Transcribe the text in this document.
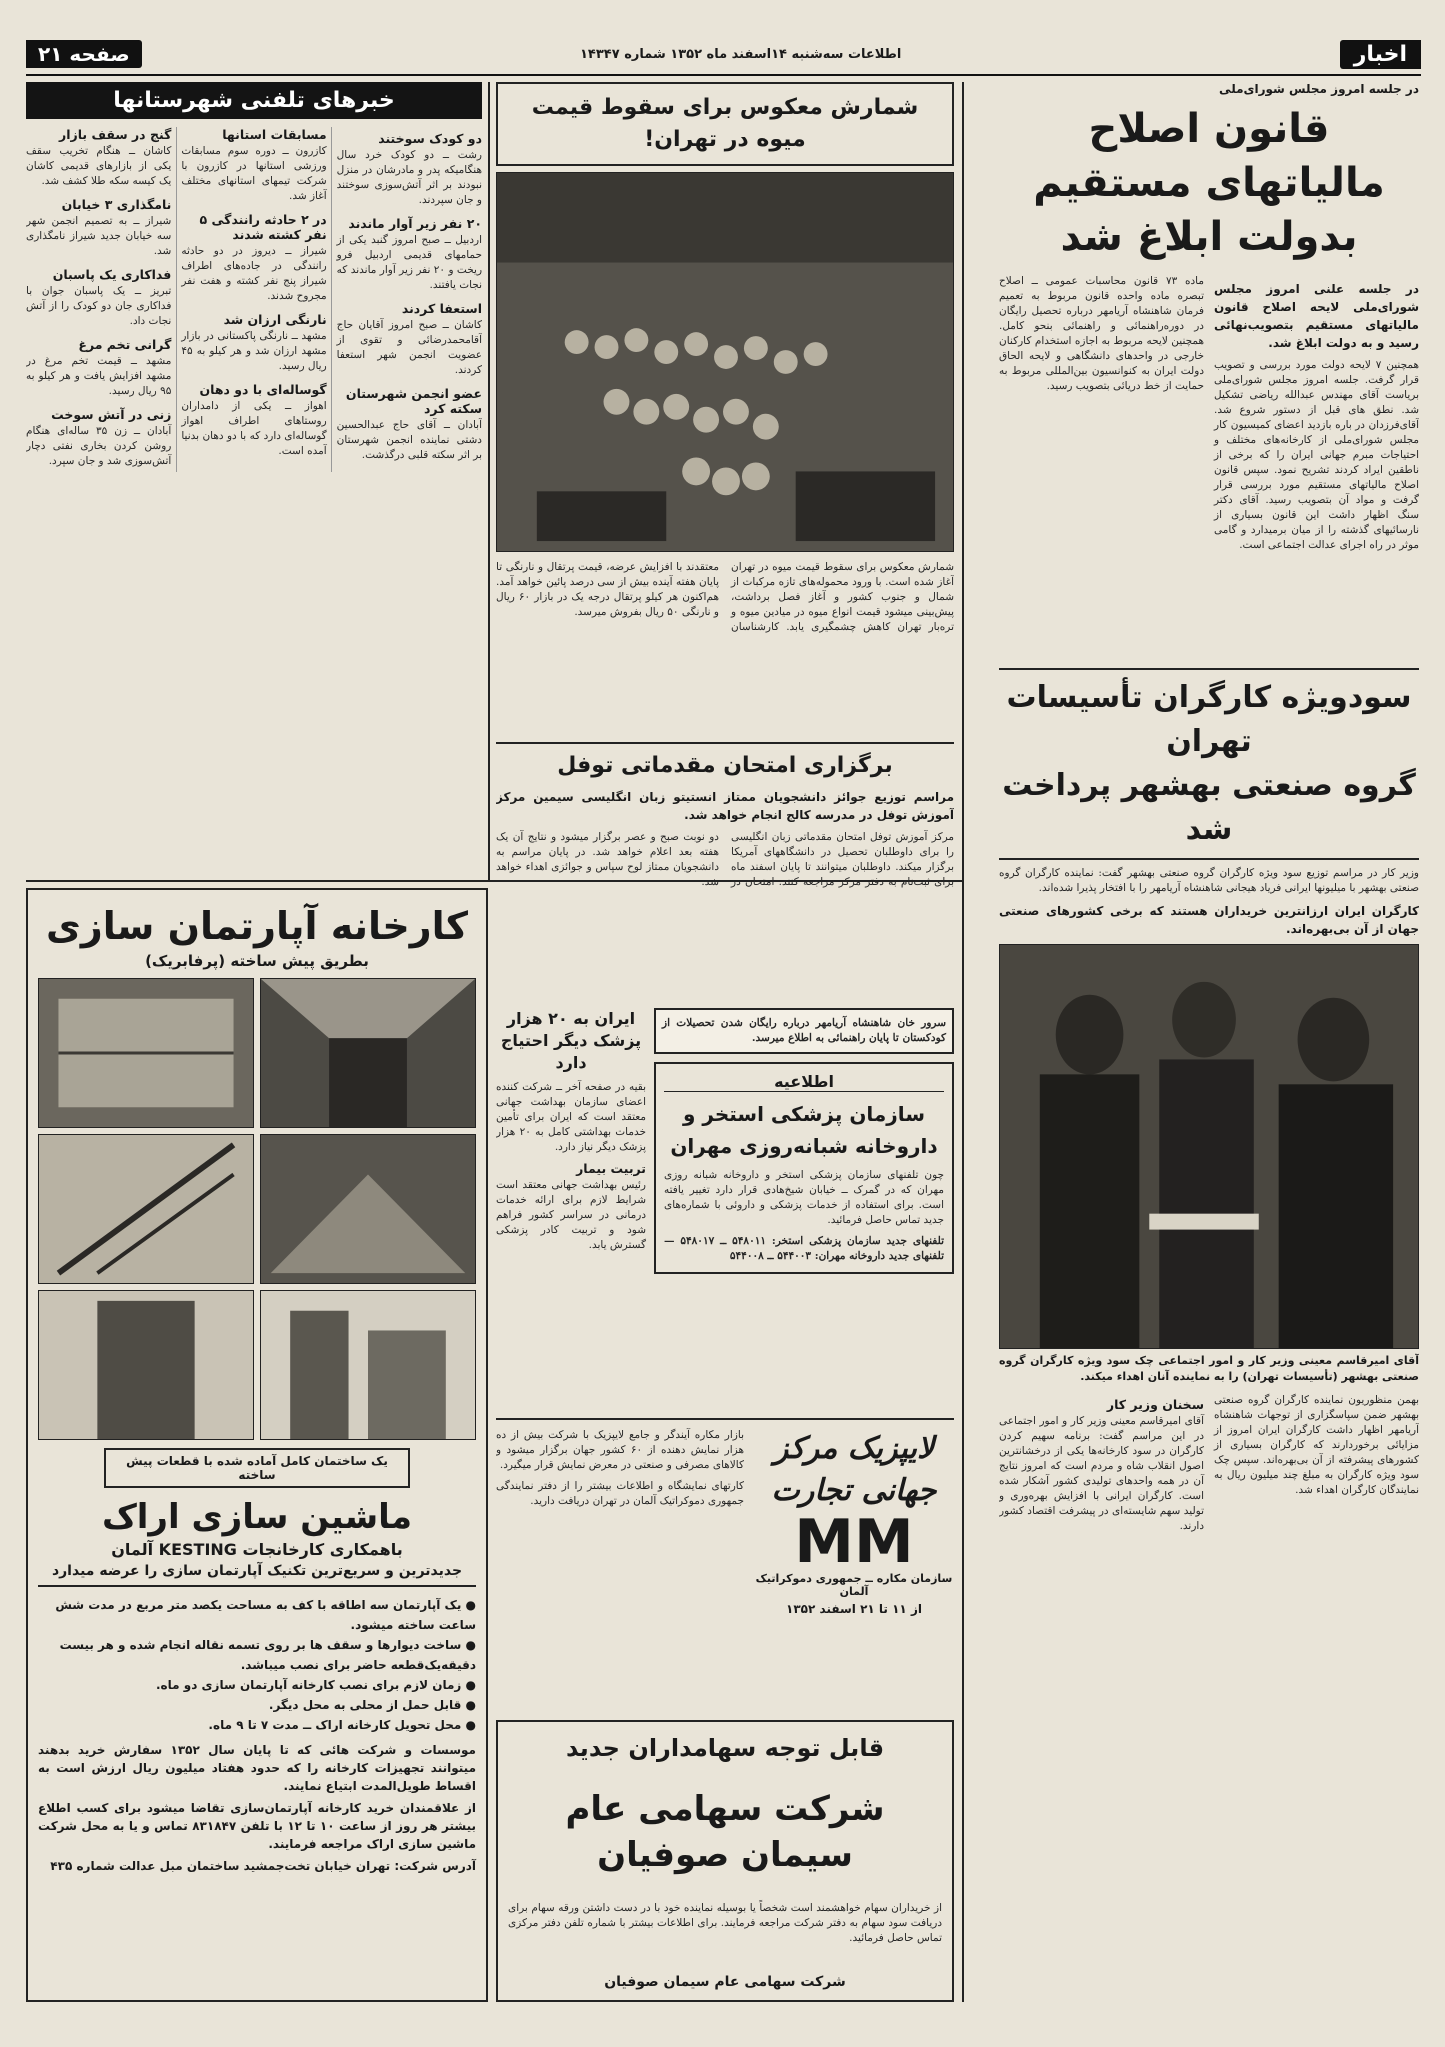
اخبار
اطلاعات سه‌شنبه ۱۴اسفند ماه ۱۳۵۲ شماره ۱۴۳۴۷
صفحه ۲۱
در جلسه امروز مجلس شورای‌ملی
قانون اصلاح مالیاتهای مستقیم بدولت ابلاغ شد
در جلسه علنی امروز مجلس شورای‌ملی لایحه اصلاح قانون مالیاتهای مستقیم بتصویب‌نهائی رسید و به دولت ابلاغ شد.

همچنین ۷ لایحه دولت مورد بررسی و تصویب قرار گرفت. جلسه امروز مجلس شورای‌ملی بریاست آقای مهندس عبدالله ریاضی تشکیل شد. نطق های قبل از دستور شروع شد. آقای‌فرزدان در باره بازدید اعضای کمیسیون کار مجلس شورای‌ملی از کارخانه‌های مختلف و احتیاجات مبرم جهانی ایران را که برخی از ناطقین ایراد کردند تشریح نمود. سپس قانون اصلاح مالیاتهای مستقیم مورد بررسی قرار گرفت و مواد آن بتصویب رسید. آقای دکتر سنگ اظهار داشت این قانون بسیاری از نارسائیهای گذشته را از میان برمیدارد و گامی موثر در راه اجرای عدالت اجتماعی است.

ماده ۷۳ قانون محاسبات عمومی ــ اصلاح تبصره ماده واحده قانون مربوط به تعمیم فرمان شاهنشاه آریامهر درباره تحصیل رایگان در دوره‌راهنمائی و راهنمائی بنحو کامل. همچنین لایحه مربوط به اجازه استخدام کارکنان خارجی در واحدهای دانشگاهی و لایحه الحاق دولت ایران به کنوانسیون بین‌المللی مربوط به حمایت از خط دریائی بتصویب رسید.

سودویژه کارگران تأسیسات تهران
گروه صنعتی بهشهر پرداخت شد

وزیر کار در مراسم توزیع سود ویژه کارگران گروه صنعتی بهشهر گفت: نماینده کارگران گروه صنعتی بهشهر با میلیونها ایرانی فریاد هیجانی شاهنشاه آریامهر را با افتخار پذیرا شده‌اند.

کارگران ایران ارزانترین‌ خریداران هستند که برخی کشورهای صنعتی جهان از آن بی‌بهره‌اند.
آقای امیرقاسم معینی وزیر کار و امور اجتماعی چک سود ویژه کارگران گروه صنعتی بهشهر (تأسیسات تهران) را به نماینده آنان اهداء میکند.

بهمن منظوریون نماینده کارگران گروه صنعتی بهشهر ضمن سپاسگزاری از توجهات شاهنشاه آریامهر اظهار داشت کارگران ایران امروز از مزایائی برخوردارند که کارگران بسیاری از کشورهای پیشرفته از آن بی‌بهره‌اند. سپس چک سود ویژه کارگران به مبلغ چند میلیون ریال به نمایندگان کارگران اهداء شد.

سخنان وزیر کار

آقای امیرقاسم معینی وزیر کار و امور اجتماعی در این مراسم گفت: برنامه سهیم کردن کارگران در سود کارخانه‌ها یکی از درخشانترین اصول انقلاب شاه و مردم است که امروز نتایج آن در همه واحدهای تولیدی کشور آشکار شده است. کارگران ایرانی با افزایش بهره‌وری و تولید سهم شایسته‌ای در پیشرفت اقتصاد کشور دارند.

شمارش معکوس برای سقوط قیمت میوه در تهران!

شمارش معکوس برای سقوط قیمت میوه در تهران آغاز شده است. با ورود محموله‌های تازه مرکبات از شمال و جنوب کشور و آغاز فصل برداشت، پیش‌بینی میشود قیمت انواع میوه در میادین میوه و تره‌بار تهران کاهش چشمگیری یابد. کارشناسان معتقدند با افزایش عرضه، قیمت پرتقال و نارنگی تا پایان هفته آینده بیش از سی درصد پائین خواهد آمد. هم‌اکنون هر کیلو پرتقال درجه یک در بازار ۶۰ ریال و نارنگی ۵۰ ریال بفروش میرسد.

برگزاری امتحان مقدماتی توفل
مراسم توزیع جوائز دانشجویان ممتاز انستیتو زبان انگلیسی سیمین مرکز آموزش توفل در مدرسه کالج انجام خواهد شد.

مرکز آموزش توفل امتحان مقدماتی زبان انگلیسی را برای داوطلبان تحصیل در دانشگاههای آمریکا برگزار میکند. داوطلبان میتوانند تا پایان اسفند ماه برای ثبت‌نام به دفتر مرکز مراجعه کنند. امتحان در دو نوبت صبح و عصر برگزار میشود و نتایج آن یک هفته بعد اعلام خواهد شد. در پایان مراسم به دانشجویان ممتاز لوح سپاس و جوائزی اهداء خواهد شد.

خبرهای تلفنی شهرستانها
دو کودک سوختند
رشت ــ دو کودک خرد سال هنگامیکه پدر و مادرشان در منزل نبودند بر اثر آتش‌سوزی سوختند و جان سپردند.
۲۰ نفر زیر آوار ماندند
اردبیل ــ صبح امروز گنبد یکی از حمامهای قدیمی اردبیل فرو ریخت و ۲۰ نفر زیر آوار ماندند که نجات یافتند.
استعفا کردند
کاشان ــ صبح امروز آقایان حاج آقامحمدرضائی و تقوی از عضویت انجمن شهر استعفا کردند.
عضو انجمن شهرستان سکته کرد
آبادان ــ آقای حاج عبدالحسین دشتی نماینده انجمن شهرستان بر اثر سکته قلبی درگذشت.
مسابقات استانها
کازرون ــ دوره سوم مسابقات ورزشی استانها در کازرون با شرکت تیمهای استانهای مختلف آغاز شد.
در ۲ حادثه رانندگی ۵ نفر کشته شدند
شیراز ــ دیروز در دو حادثه رانندگی در جاده‌های اطراف شیراز پنج نفر کشته و هفت نفر مجروح شدند.
نارنگی ارزان شد
مشهد ــ نارنگی پاکستانی در بازار مشهد ارزان شد و هر کیلو به ۴۵ ریال رسید.
گوساله‌ای با دو دهان
اهواز ــ یکی از دامداران روستاهای اطراف اهواز گوساله‌ای دارد که با دو دهان بدنیا آمده است.
گنج در سقف بازار
کاشان ــ هنگام تخریب سقف یکی از بازارهای قدیمی کاشان یک کیسه سکه طلا کشف شد.
نامگذاری ۳ خیابان
شیراز ــ به تصمیم انجمن شهر سه خیابان جدید شیراز نامگذاری شد.
فداکاری یک پاسبان
تبریز ــ یک پاسبان جوان با فداکاری جان دو کودک را از آتش نجات داد.
گرانی تخم مرغ
مشهد ــ قیمت تخم مرغ در مشهد افزایش یافت و هر کیلو به ۹۵ ریال رسید.
زنی در آتش سوخت
آبادان ــ زن ۳۵ ساله‌ای هنگام روشن کردن بخاری نفتی دچار آتش‌سوزی شد و جان سپرد.
ایران به ۲۰ هزار پزشک دیگر احتیاج دارد

بقیه در صفحه آخر ــ شرکت کننده اعضای سازمان بهداشت جهانی معتقد است که ایران برای تأمین خدمات بهداشتی کامل به ۲۰ هزار پزشک دیگر نیاز دارد.

تربیت بیمار

رئیس بهداشت جهانی معتقد است شرایط لازم برای ارائه خدمات درمانی در سراسر کشور فراهم شود و تربیت کادر پزشکی گسترش یابد.

سرور خان شاهنشاه آریامهر درباره رایگان شدن تحصیلات از کودکستان تا پایان راهنمائی به اطلاع میرسد.
اطلاعیه
سازمان پزشکی استخر و داروخانه شبانه‌روزی مهران

چون تلفنهای سازمان پزشکی استخر و داروخانه شبانه روزی مهران که در گمرک ــ خیابان شیخ‌هادی قرار دارد تغییر یافته است. برای استفاده از خدمات پزشکی و داروئی با شماره‌های جدید تماس حاصل فرمائید.

تلفنهای جدید سازمان پزشکی استخر: ۵۴۸۰۱۱ ــ ۵۴۸۰۱۷ — تلفنهای جدید داروخانه مهران: ۵۴۴۰۰۳ ــ ۵۴۴۰۰۸
لایپزیک مرکز جهانی تجارت
MM
سازمان مکاره ــ جمهوری دموکراتیک آلمان
از ۱۱ تا ۲۱ اسفند ۱۳۵۲

بازار مکاره آیندگر و جامع لایپزیک با شرکت بیش از ده هزار نمایش دهنده از ۶۰ کشور جهان برگزار میشود و کالاهای مصرفی و صنعتی در معرض نمایش قرار میگیرد.

کارتهای نمایشگاه و اطلاعات بیشتر را از دفتر نمایندگی جمهوری دموکراتیک آلمان در تهران دریافت دارید.

قابل توجه سهامداران جدید
شرکت سهامی عام سیمان صوفیان

از خریداران سهام خواهشمند است شخصاً یا بوسیله نماینده خود با در دست داشتن ورقه سهام برای دریافت سود سهام به دفتر شرکت مراجعه فرمایند. برای اطلاعات بیشتر با شماره تلفن دفتر مرکزی تماس حاصل فرمائید.

شرکت سهامی عام سیمان صوفیان
کارخانه آپارتمان سازی
بطریق پیش ساخته (پرفابریک)
یک ساختمان کامل آماده شده با قطعات پیش ساخته
ماشین سازی اراک
باهمکاری کارخانجات KESTING آلمان
جدیدترین و سریع‌ترین تکنیک آپارتمان سازی را عرضه میدارد
● یک آپارتمان سه اطاقه با کف به مساحت یکصد متر مربع در مدت شش ساعت ساخته میشود.
● ساخت دیوارها و سقف ها بر روی تسمه نقاله انجام شده و هر بیست دقیقه‌یک‌قطعه حاضر برای نصب میباشد.
● زمان لازم برای نصب کارخانه آپارتمان سازی دو ماه.
● قابل حمل از محلی به محل دیگر.
● محل تحویل کارخانه اراک ــ مدت ۷ تا ۹ ماه.
موسسات و شرکت هائی که تا پایان سال ۱۳۵۲ سفارش خرید بدهند میتوانند تجهیزات کارخانه را که حدود هفتاد میلیون ریال ارزش است به اقساط طویل‌المدت ابتیاع نمایند.
از علاقمندان خرید کارخانه آپارتمان‌سازی تقاضا میشود برای کسب اطلاع بیشتر هر روز از ساعت ۱۰ تا ۱۲ با تلفن ۸۳۱۸۴۷ تماس و یا به محل شرکت ماشین سازی اراک مراجعه فرمایند.
آدرس شرکت: تهران خیابان تخت‌جمشید ساختمان مبل عدالت شماره ۴۳۵
